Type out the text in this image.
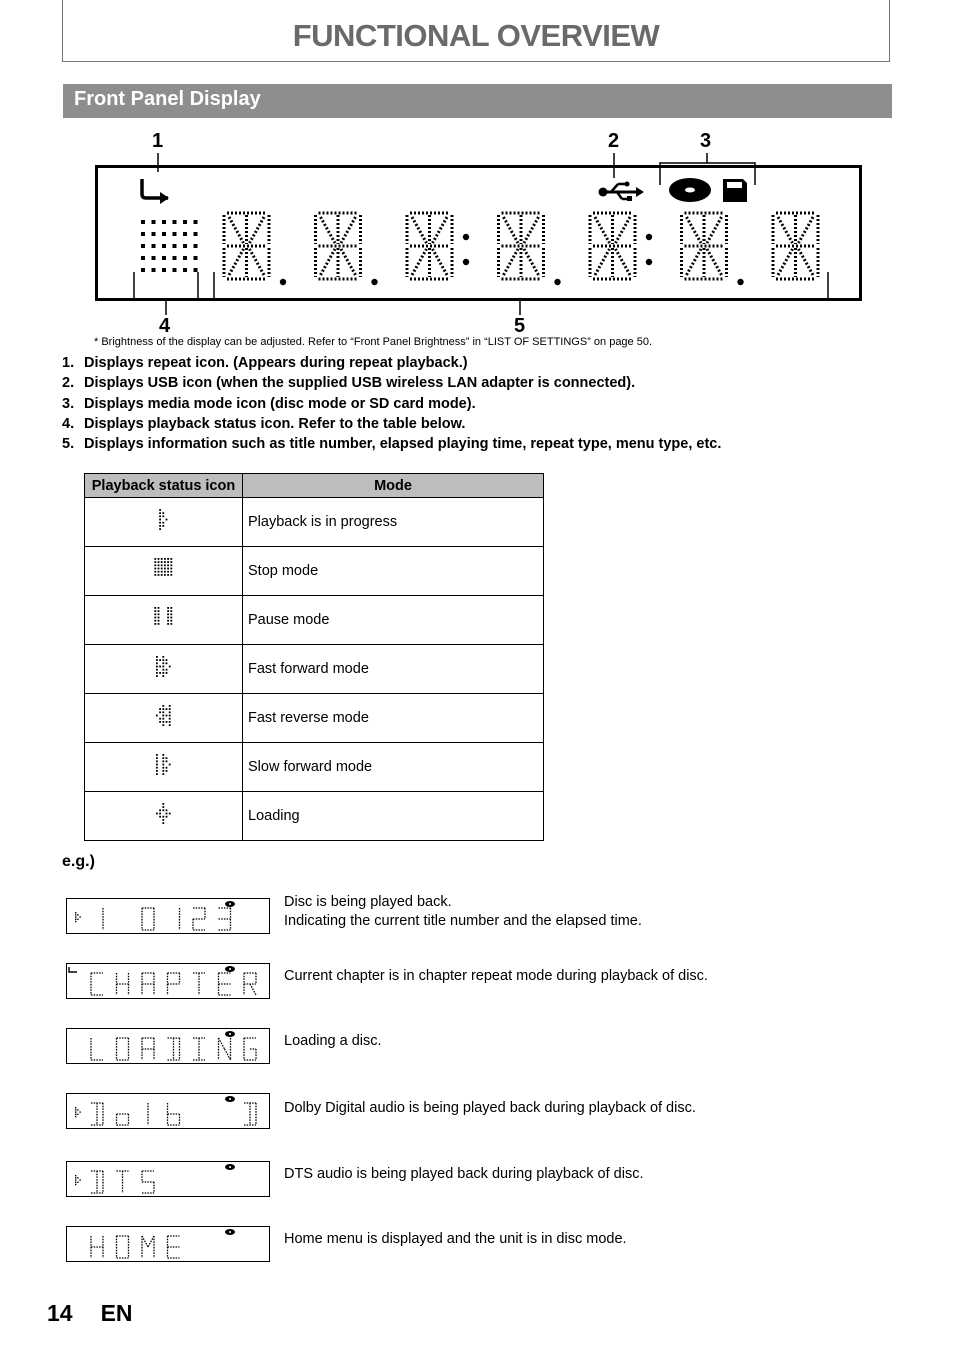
FUNCTIONAL OVERVIEW
Front Panel Display
1	2	3
4	5
* Brightness of the display can be adjusted. Refer to “Front Panel Brightness” in “LIST OF SETTINGS” on page 50.
1. Displays repeat icon. (Appears during repeat playback.)
2. Displays USB icon (when the supplied USB wireless LAN adapter is connected).
3. Displays media mode icon (disc mode or SD card mode).
4. Displays playback status icon. Refer to the table below.
5. Displays information such as title number, elapsed playing time, repeat type, menu type, etc.
Playback status icon	Mode
	Playback is in progress
	Stop mode
	Pause mode
	Fast forward mode
	Fast reverse mode
	Slow forward mode
	Loading
e.g.)
Disc is being played back.
Indicating the current title number and the elapsed time.
Current chapter is in chapter repeat mode during playback of disc.
Loading a disc.
Dolby Digital audio is being played back during playback of disc.
DTS audio is being played back during playback of disc.
Home menu is displayed and the unit is in disc mode.
14 EN
